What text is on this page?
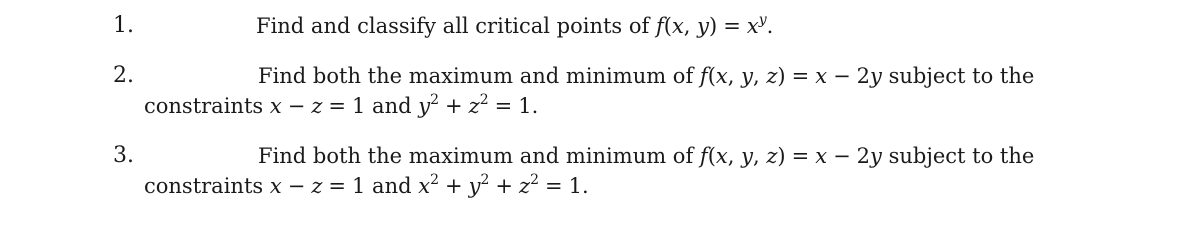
1.	Find and classify all critical points of f(x, $y) = x^y$.
2.	Find both the maximum and minimum of f(x, y, z) = x − 2y subject to the
constraints x − z = 1 and $y^2 + z^2 = 1$.
3.	Find both the maximum and minimum of f(x, y, z) = x − 2y subject to the
constraints x − z = 1 and $x^2 + y^2 + z^2 = 1$.
